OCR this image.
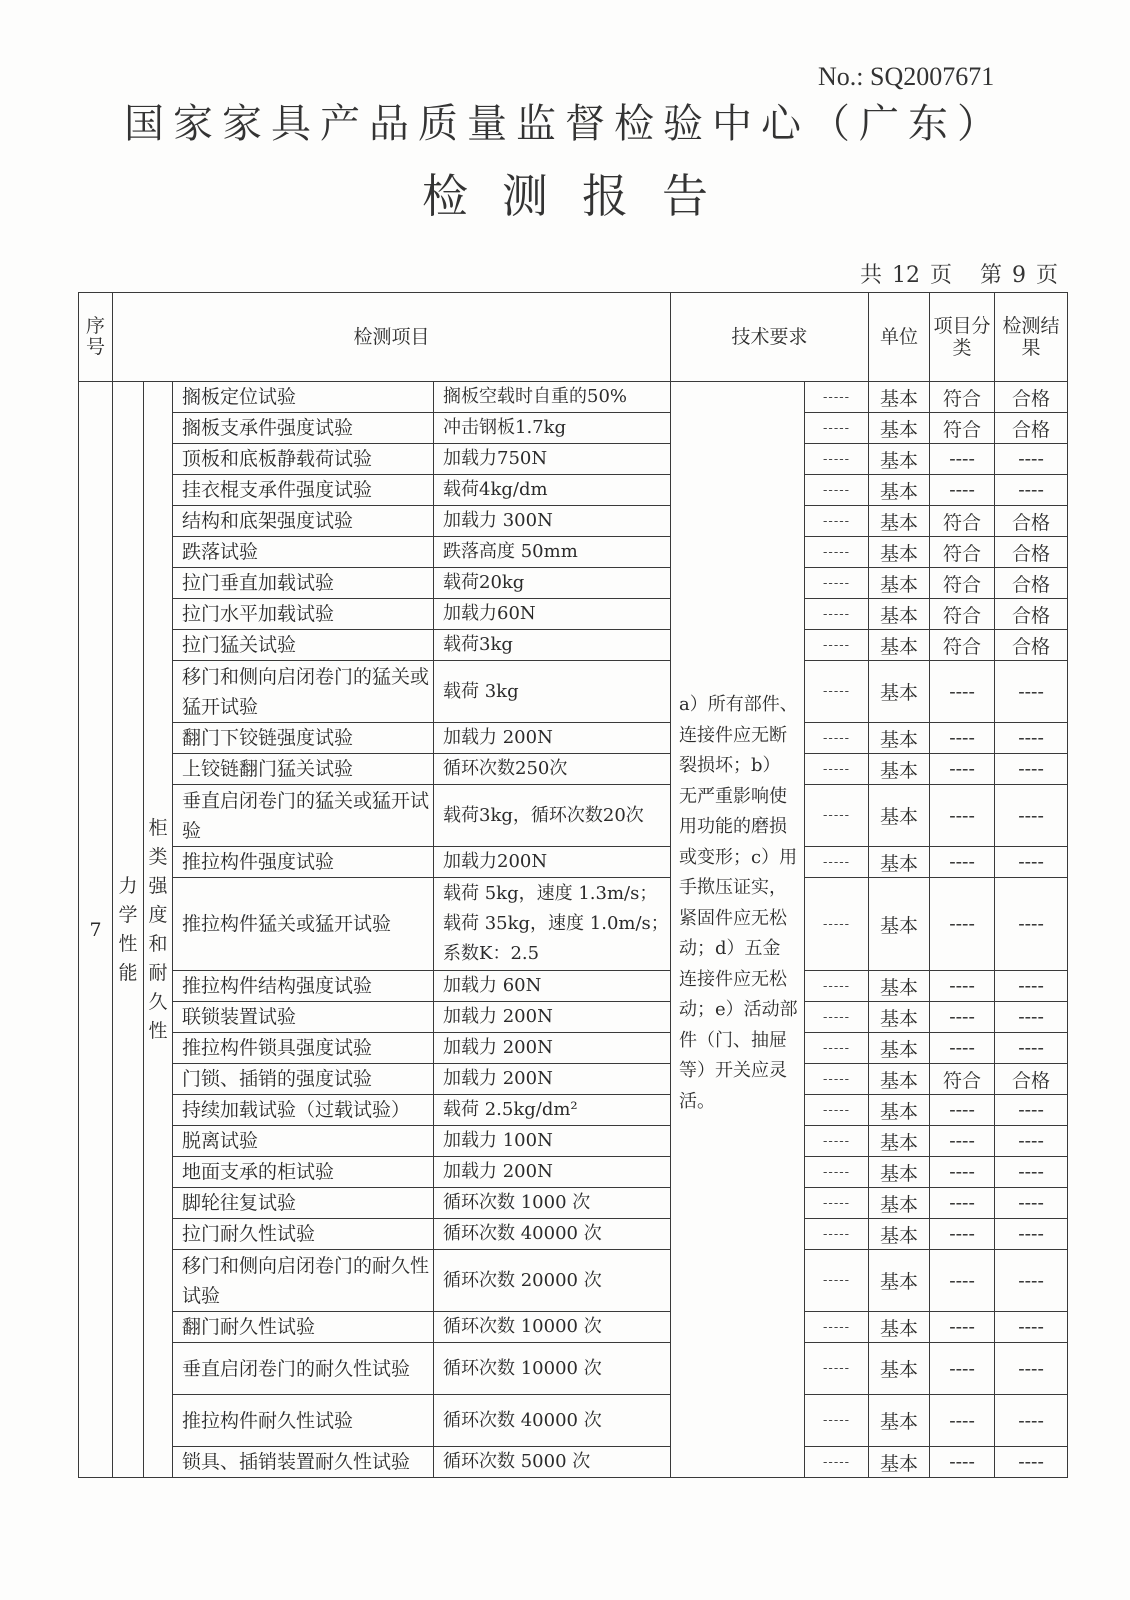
No.: SQ2007671
国家家具产品质量监督检验中心（广东）
检测报告
共 12 页 第 9 页
序号	检测项目				技术要求		单位	项目分类	检测结果	
7	力学性能	柜类强度和耐久性	搁板定位试验	搁板空载时自重的50%	a）所有部件、连接件应无断裂损坏；b）无严重影响使用功能的磨损或变形；c）用手揿压证实，紧固件应无松动；d）五金连接件应无松动；e）活动部件（门、抽屉等）开关应灵活。	-----	基本	符合	合格	
			搁板支承件强度试验	冲击钢板1.7kg		-----	基本	符合	合格	
			顶板和底板静载荷试验	加载力750N		-----	基本	----	----	
			挂衣棍支承件强度试验	载荷4kg/dm		-----	基本	----	----	
			结构和底架强度试验	加载力 300N		-----	基本	符合	合格	
			跌落试验	跌落高度 50mm		-----	基本	符合	合格	
			拉门垂直加载试验	载荷20kg		-----	基本	符合	合格	
			拉门水平加载试验	加载力60N		-----	基本	符合	合格	
			拉门猛关试验	载荷3kg		-----	基本	符合	合格	
			移门和侧向启闭卷门的猛关或猛开试验	载荷 3kg		-----	基本	----	----	
			翻门下铰链强度试验	加载力 200N		-----	基本	----	----	
			上铰链翻门猛关试验	循环次数250次		-----	基本	----	----	
			垂直启闭卷门的猛关或猛开试验	载荷3kg，循环次数20次		-----	基本	----	----	
			推拉构件强度试验	加载力200N		-----	基本	----	----	
			推拉构件猛关或猛开试验	载荷 5kg，速度 1.3m/s；载荷 35kg，速度 1.0m/s；系数K：2.5		-----	基本	----	----	
			推拉构件结构强度试验	加载力 60N		-----	基本	----	----	
			联锁装置试验	加载力 200N		-----	基本	----	----	
			推拉构件锁具强度试验	加载力 200N		-----	基本	----	----	
			门锁、插销的强度试验	加载力 200N		-----	基本	符合	合格	
			持续加载试验（过载试验）	载荷 2.5kg/dm²		-----	基本	----	----	
			脱离试验	加载力 100N		-----	基本	----	----	
			地面支承的柜试验	加载力 200N		-----	基本	----	----	
			脚轮往复试验	循环次数 1000 次		-----	基本	----	----	
			拉门耐久性试验	循环次数 40000 次		-----	基本	----	----	
			移门和侧向启闭卷门的耐久性试验	循环次数 20000 次		-----	基本	----	----	
			翻门耐久性试验	循环次数 10000 次		-----	基本	----	----	
			垂直启闭卷门的耐久性试验	循环次数 10000 次		-----	基本	----	----	
			推拉构件耐久性试验	循环次数 40000 次		-----	基本	----	----	
			锁具、插销装置耐久性试验	循环次数 5000 次		-----	基本	----	----	
